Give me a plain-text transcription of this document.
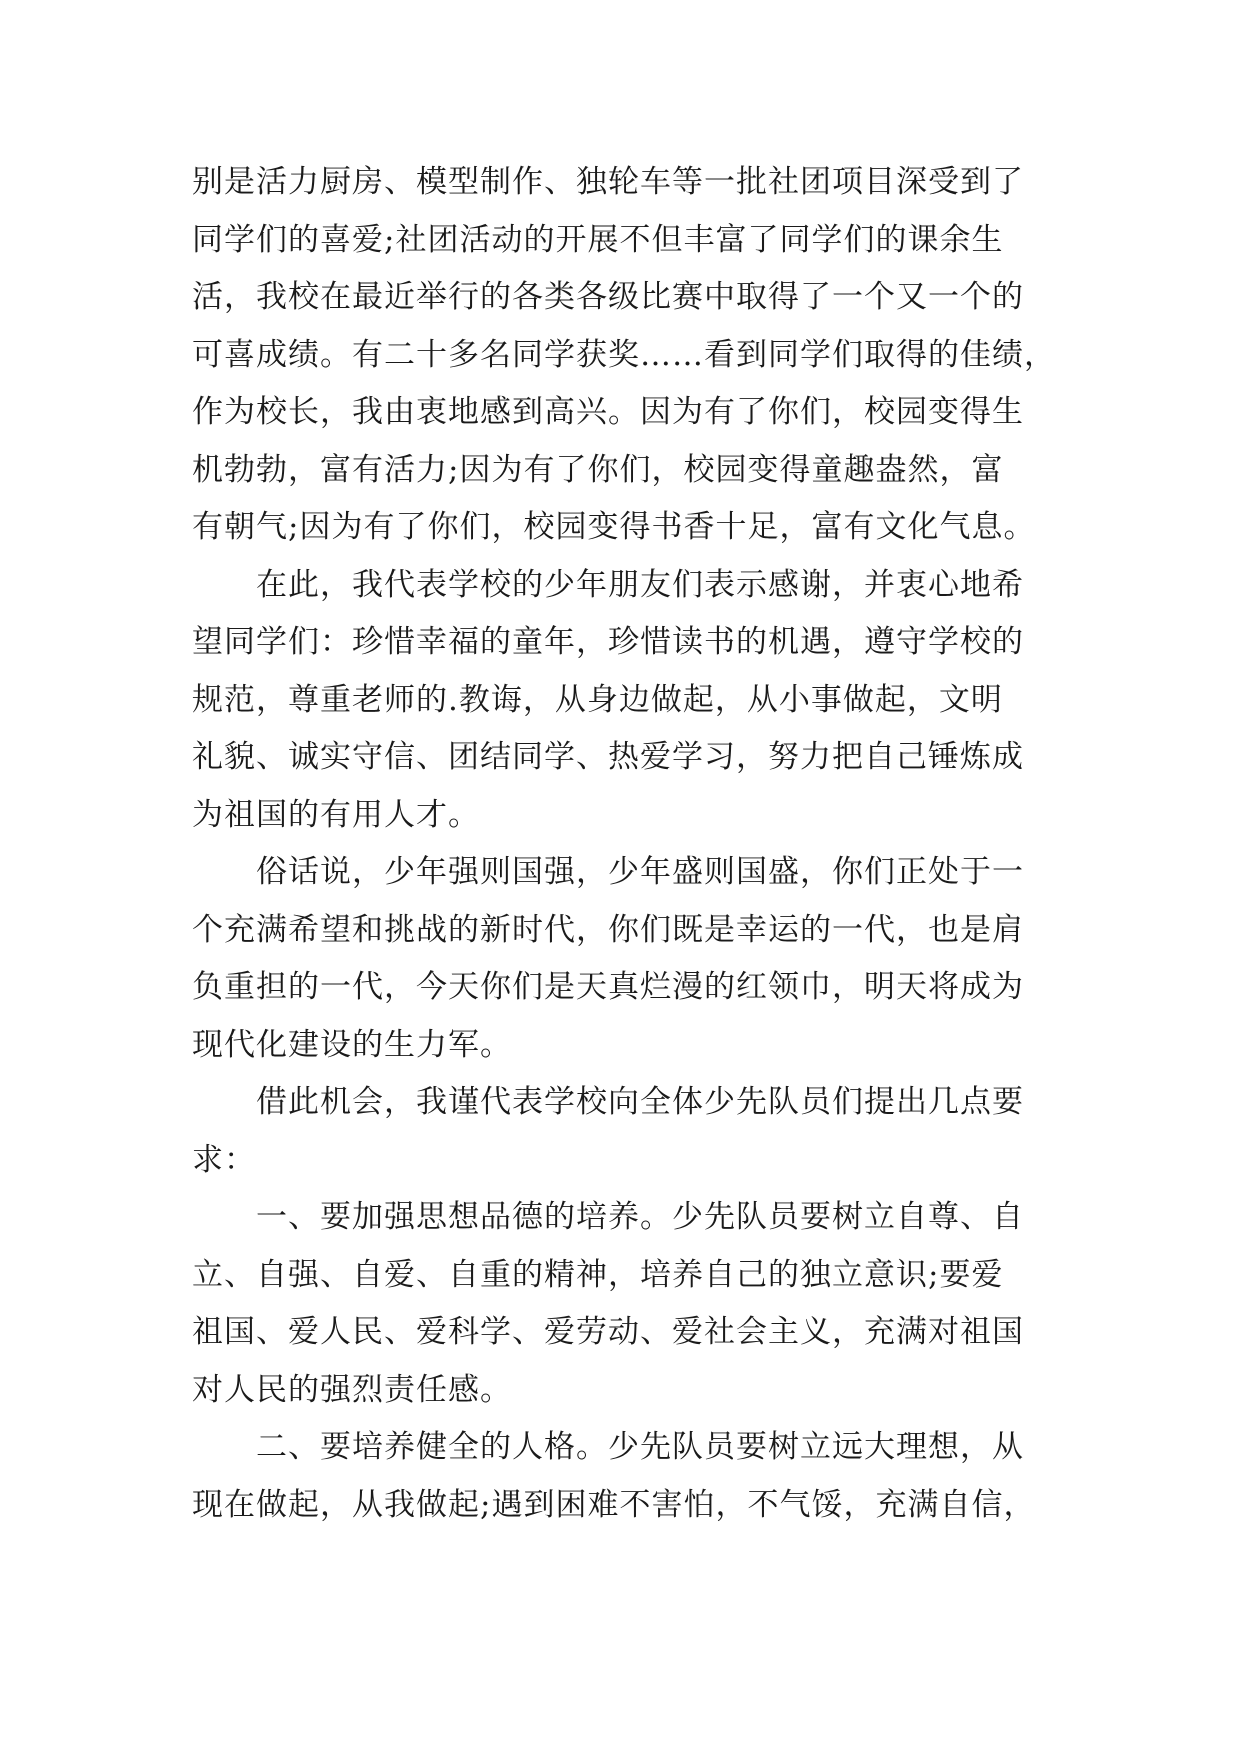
别是活力厨房、模型制作、独轮车等一批社团项目深受到了
同学们的喜爱;社团活动的开展不但丰富了同学们的课余生
活，我校在最近举行的各类各级比赛中取得了一个又一个的
可喜成绩。有二十多名同学获奖……看到同学们取得的佳绩，
作为校长，我由衷地感到高兴。因为有了你们，校园变得生
机勃勃，富有活力;因为有了你们，校园变得童趣盎然，富
有朝气;因为有了你们，校园变得书香十足，富有文化气息。
在此，我代表学校的少年朋友们表示感谢，并衷心地希
望同学们：珍惜幸福的童年，珍惜读书的机遇，遵守学校的
规范，尊重老师的.教诲，从身边做起，从小事做起，文明
礼貌、诚实守信、团结同学、热爱学习，努力把自己锤炼成
为祖国的有用人才。
俗话说，少年强则国强，少年盛则国盛，你们正处于一
个充满希望和挑战的新时代，你们既是幸运的一代，也是肩
负重担的一代，今天你们是天真烂漫的红领巾，明天将成为
现代化建设的生力军。
借此机会，我谨代表学校向全体少先队员们提出几点要
求：
一、要加强思想品德的培养。少先队员要树立自尊、自
立、自强、自爱、自重的精神，培养自己的独立意识;要爱
祖国、爱人民、爱科学、爱劳动、爱社会主义，充满对祖国
对人民的强烈责任感。
二、要培养健全的人格。少先队员要树立远大理想，从
现在做起，从我做起;遇到困难不害怕，不气馁，充满自信，
